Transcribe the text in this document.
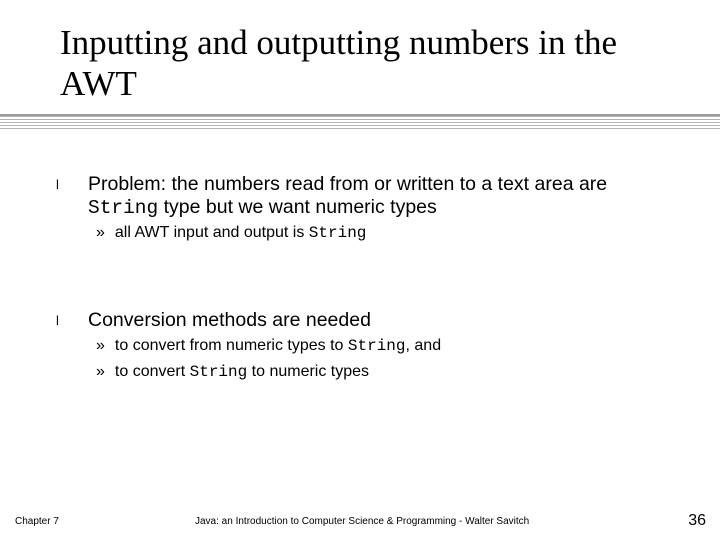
Inputting and outputting numbers in the AWT
l Problem: the numbers read from or written to a text area are
String type but we want numeric types
» all AWT input and output is String
l Conversion methods are needed
» to convert from numeric types to String, and
» to convert String to numeric types
Chapter 7	Java: an Introduction to Computer Science & Programming - Walter Savitch	36
